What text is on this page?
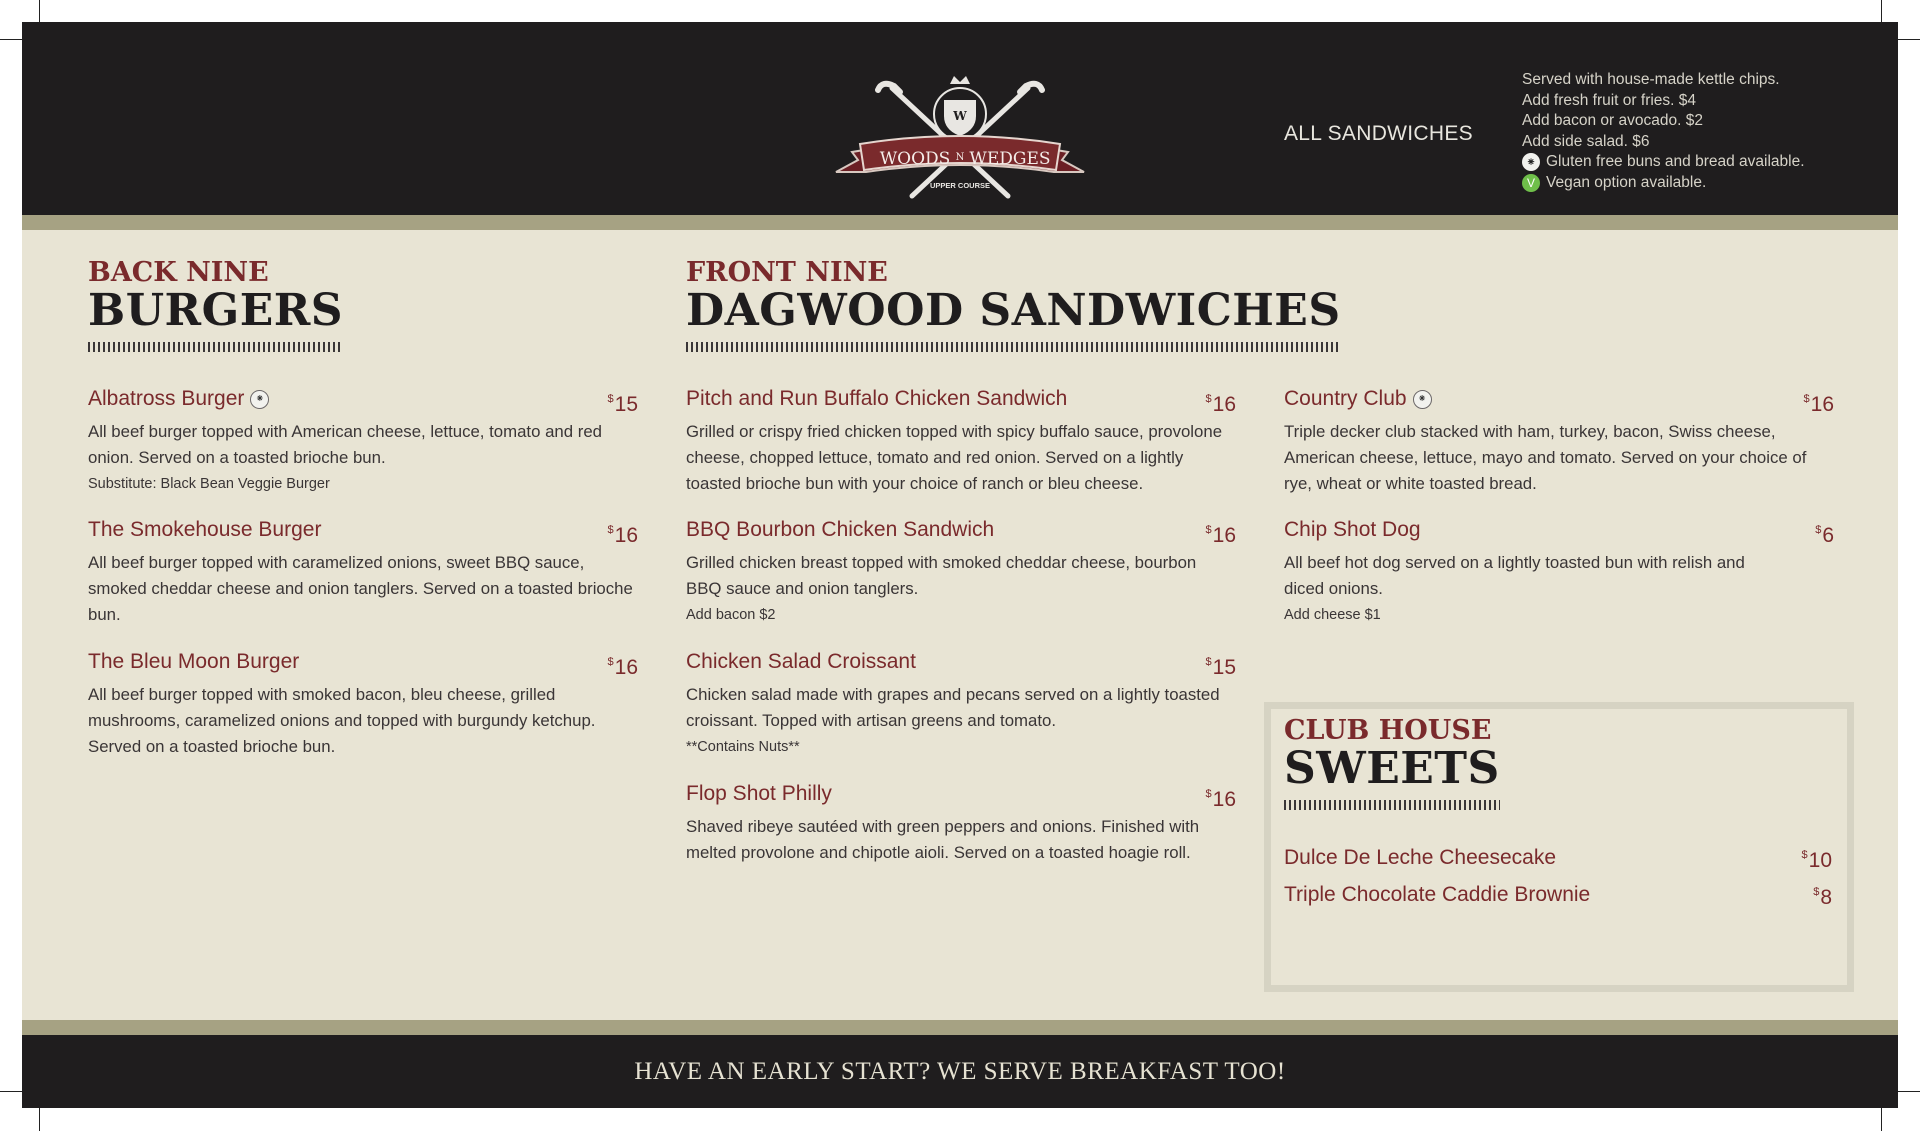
W
WOODS N WEDGES
UPPER COURSE
ALL SANDWICHES
Served with house-made kettle chips.
Add fresh fruit or fries. $4
Add bacon or avocado. $2
Add side salad. $6
⁕ Gluten free buns and bread available.
V Vegan option available.
BACK NINE
BURGERS
Albatross Burger ⁕	$15
All beef burger topped with American cheese, lettuce, tomato and red onion. Served on a toasted brioche bun.
Substitute: Black Bean Veggie Burger
The Smokehouse Burger	$16
All beef burger topped with caramelized onions, sweet BBQ sauce, smoked cheddar cheese and onion tanglers. Served on a toasted brioche bun.
The Bleu Moon Burger	$16
All beef burger topped with smoked bacon, bleu cheese, grilled mushrooms, caramelized onions and topped with burgundy ketchup. Served on a toasted brioche bun.
FRONT NINE
DAGWOOD SANDWICHES
Pitch and Run Buffalo Chicken Sandwich	$16
Grilled or crispy fried chicken topped with spicy buffalo sauce, provolone cheese, chopped lettuce, tomato and red onion. Served on a lightly toasted brioche bun with your choice of ranch or bleu cheese.
BBQ Bourbon Chicken Sandwich	$16
Grilled chicken breast topped with smoked cheddar cheese, bourbon BBQ sauce and onion tanglers.
Add bacon $2
Chicken Salad Croissant	$15
Chicken salad made with grapes and pecans served on a lightly toasted croissant. Topped with artisan greens and tomato.
**Contains Nuts**
Flop Shot Philly	$16
Shaved ribeye sautéed with green peppers and onions. Finished with melted provolone and chipotle aioli. Served on a toasted hoagie roll.
Country Club ⁕	$16
Triple decker club stacked with ham, turkey, bacon, Swiss cheese, American cheese, lettuce, mayo and tomato. Served on your choice of rye, wheat or white toasted bread.
Chip Shot Dog	$6
All beef hot dog served on a lightly toasted bun with relish and diced onions.
Add cheese $1
CLUB HOUSE
SWEETS
Dulce De Leche Cheesecake	$10
Triple Chocolate Caddie Brownie	$8
HAVE AN EARLY START? WE SERVE BREAKFAST TOO!
